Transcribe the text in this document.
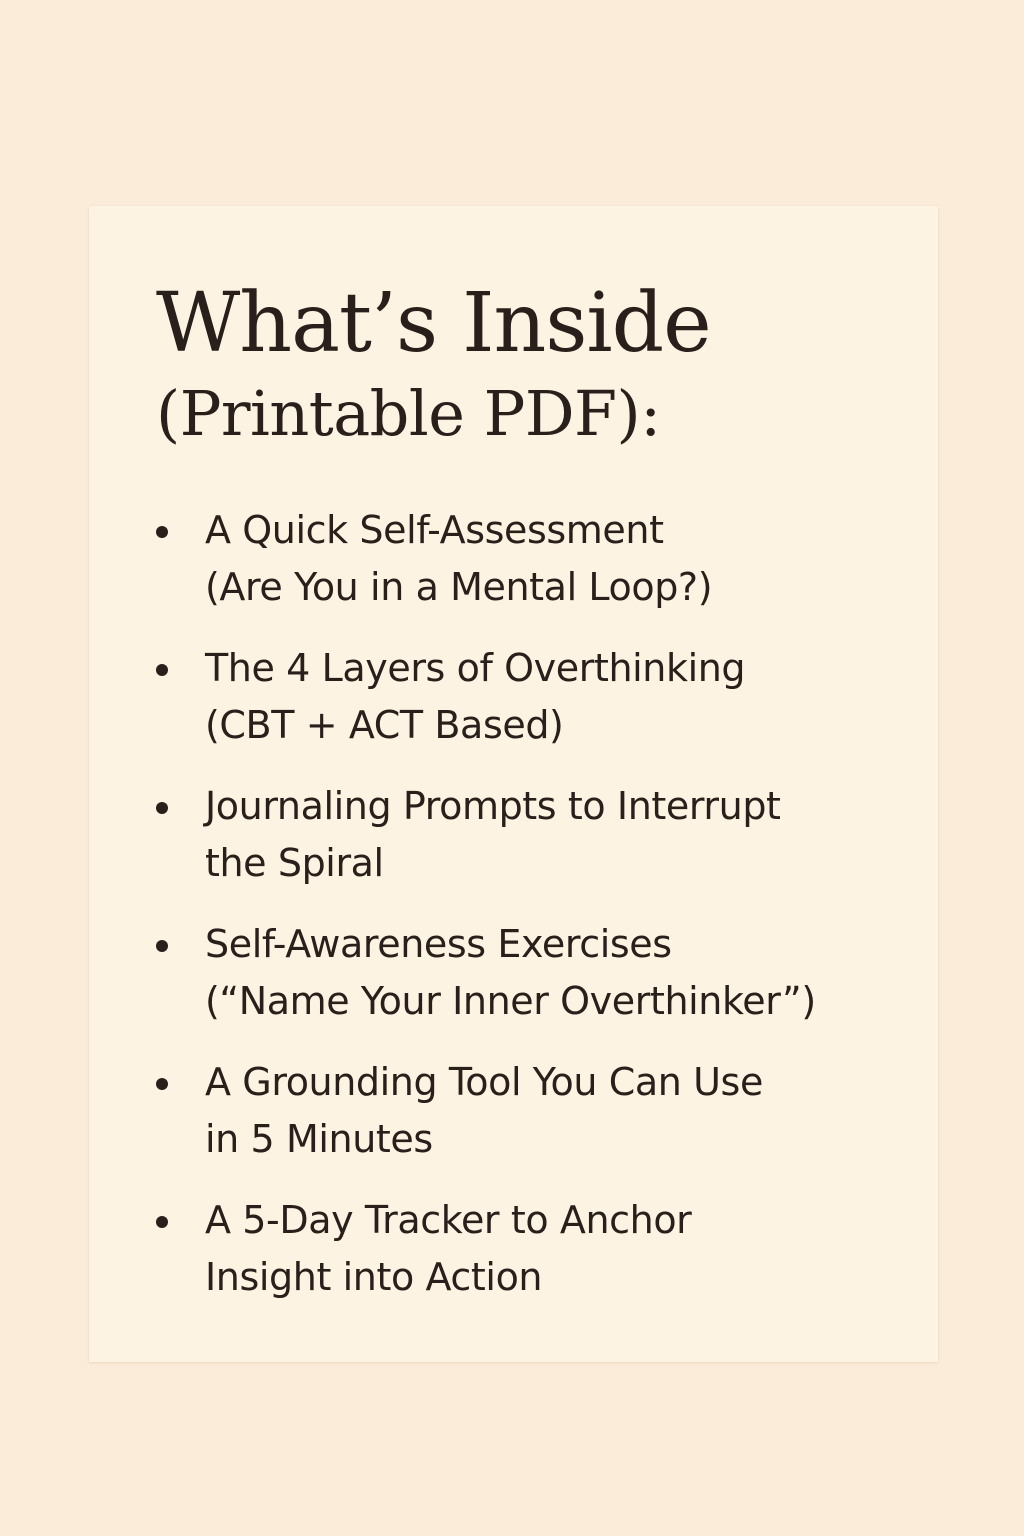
What’s Inside
(Printable PDF):
A Quick Self-Assessment
(Are You in a Mental Loop?)
The 4 Layers of Overthinking
(CBT + ACT Based)
Journaling Prompts to Interrupt
the Spiral
Self-Awareness Exercises
(“Name Your Inner Overthinker”)
A Grounding Tool You Can Use
in 5 Minutes
A 5-Day Tracker to Anchor
Insight into Action
